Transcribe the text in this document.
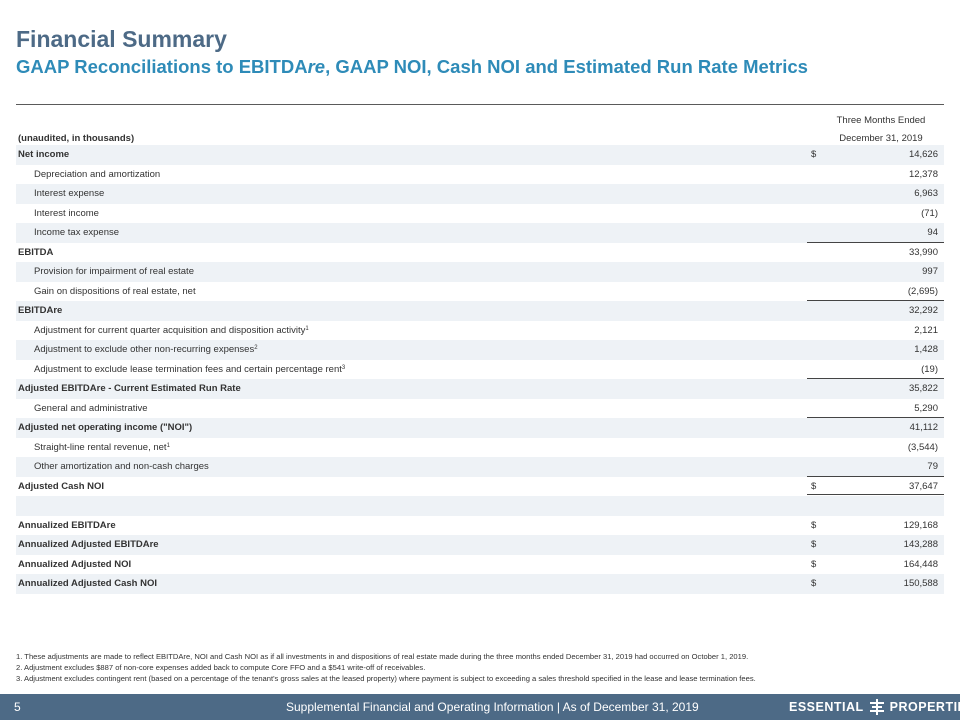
Financial Summary
GAAP Reconciliations to EBITDAre, GAAP NOI, Cash NOI and Estimated Run Rate Metrics
Three Months Ended
(unaudited, in thousands)	December 31, 2019
Net income	$	14,626
Depreciation and amortization	12,378
Interest expense	6,963
Interest income	(71)
Income tax expense	94
EBITDA	33,990
Provision for impairment of real estate	997
Gain on dispositions of real estate, net	(2,695)
EBITDAre	32,292
Adjustment for current quarter acquisition and disposition activity$^1$	2,121
Adjustment to exclude other non-recurring expenses$^2$	1,428
Adjustment to exclude lease termination fees and certain percentage rent$^3$	(19)
Adjusted EBITDAre - Current Estimated Run Rate	35,822
General and administrative	5,290
Adjusted net operating income ("NOI")	41,112
Straight-line rental revenue, net$^1$	(3,544)
Other amortization and non-cash charges	79
Adjusted Cash NOI	$	37,647
Annualized EBITDAre	$	129,168
Annualized Adjusted EBITDAre	$	143,288
Annualized Adjusted NOI	$	164,448
Annualized Adjusted Cash NOI	$	150,588
1. These adjustments are made to reflect EBITDAre, NOI and Cash NOI as if all investments in and dispositions of real estate made during the three months ended December 31, 2019 had occurred on October 1, 2019.
2. Adjustment excludes $887 of non-core expenses added back to compute Core FFO and a $541 write-off of receivables.
3. Adjustment excludes contingent rent (based on a percentage of the tenant's gross sales at the leased property) where payment is subject to exceeding a sales threshold specified in the lease and lease termination fees.
5	Supplemental Financial and Operating Information | As of December 31, 2019	ESSENTIAL PROPERTIES
